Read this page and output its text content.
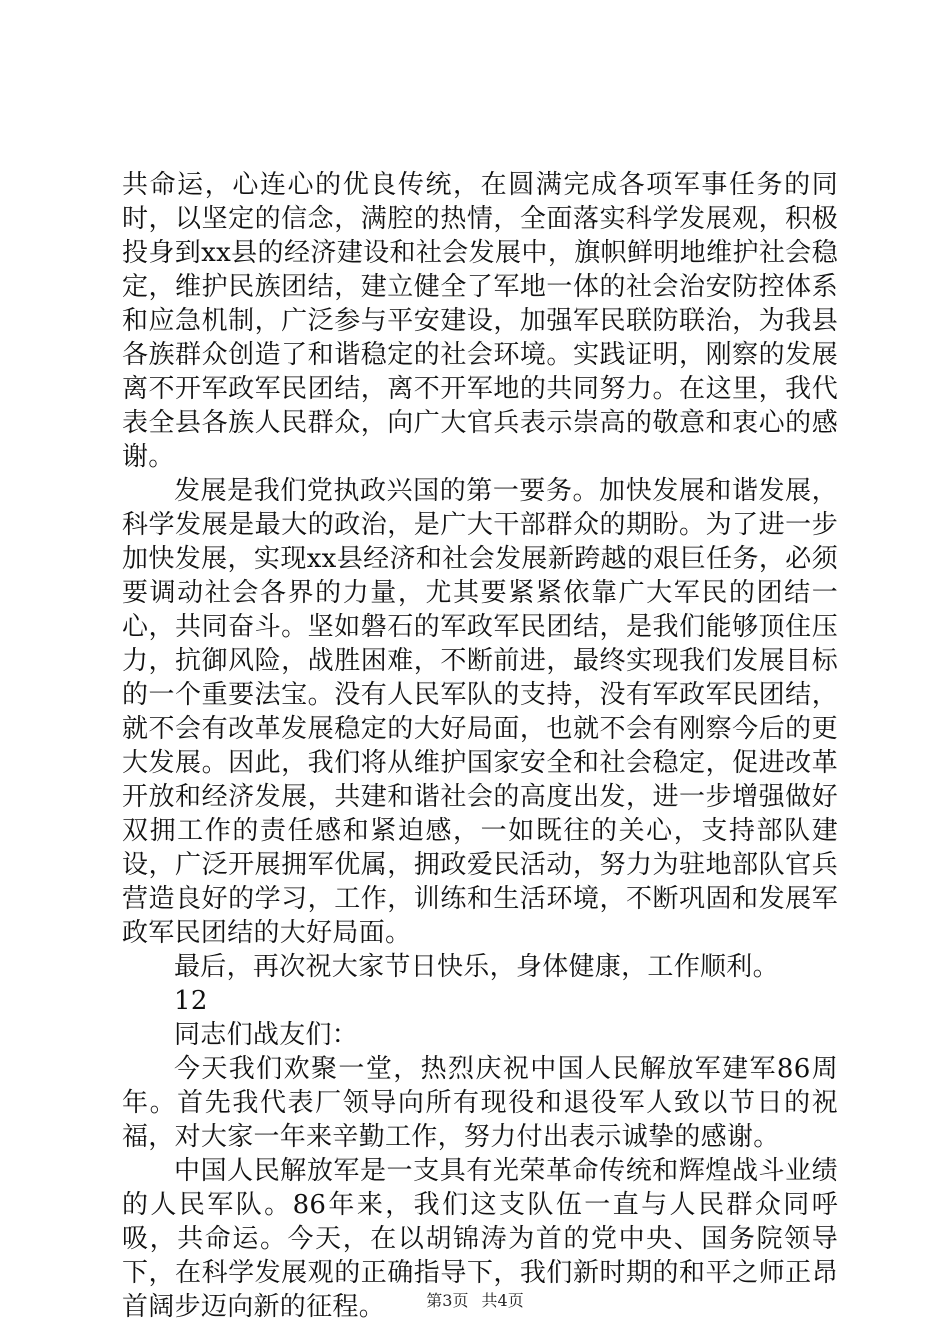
共命运，心连心的优良传统，在圆满完成各项军事任务的同时，以坚定的信念，满腔的热情，全面落实科学发展观，积极投身到xx县的经济建设和社会发展中，旗帜鲜明地维护社会稳定，维护民族团结，建立健全了军地一体的社会治安防控体系和应急机制，广泛参与平安建设，加强军民联防联治，为我县各族群众创造了和谐稳定的社会环境。实践证明，刚察的发展离不开军政军民团结，离不开军地的共同努力。在这里，我代表全县各族人民群众，向广大官兵表示崇高的敬意和衷心的感谢。

发展是我们党执政兴国的第一要务。加快发展和谐发展，科学发展是最大的政治，是广大干部群众的期盼。为了进一步加快发展，实现xx县经济和社会发展新跨越的艰巨任务，必须要调动社会各界的力量，尤其要紧紧依靠广大军民的团结一心，共同奋斗。坚如磐石的军政军民团结，是我们能够顶住压力，抗御风险，战胜困难，不断前进，最终实现我们发展目标的一个重要法宝。没有人民军队的支持，没有军政军民团结，就不会有改革发展稳定的大好局面，也就不会有刚察今后的更大发展。因此，我们将从维护国家安全和社会稳定，促进改革开放和经济发展，共建和谐社会的高度出发，进一步增强做好双拥工作的责任感和紧迫感，一如既往的关心，支持部队建设，广泛开展拥军优属，拥政爱民活动，努力为驻地部队官兵营造良好的学习，工作，训练和生活环境，不断巩固和发展军政军民团结的大好局面。

最后，再次祝大家节日快乐，身体健康，工作顺利。

12

同志们战友们：

今天我们欢聚一堂，热烈庆祝中国人民解放军建军86周年。首先我代表厂领导向所有现役和退役军人致以节日的祝福，对大家一年来辛勤工作，努力付出表示诚挚的感谢。

中国人民解放军是一支具有光荣革命传统和辉煌战斗业绩的人民军队。86年来，我们这支队伍一直与人民群众同呼吸，共命运。今天，在以胡锦涛为首的党中央、国务院领导下，在科学发展观的正确指导下，我们新时期的和平之师正昂首阔步迈向新的征程。	第3页 共4页
